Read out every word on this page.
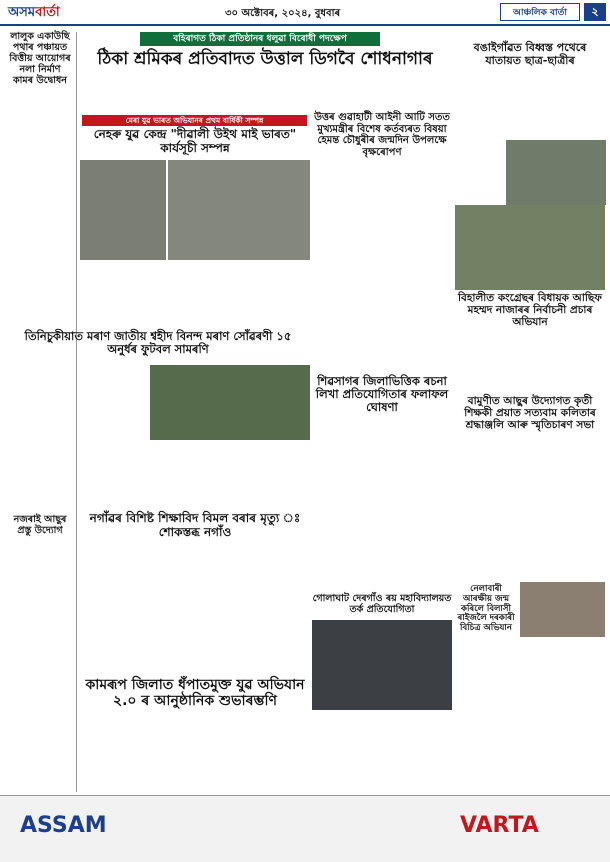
অসমবাৰ্তা	৩০ অক্টোবৰ, ২০২৪, বুধবাৰ	আঞ্চলিক বাৰ্তা	২
লালুক একাউছি পথাৰ পঞ্চায়ত বিত্তীয় আয়োগৰ নলা নিৰ্মাণ কামৰ উদ্বোধন
বহিৰাগত ঠিকা প্ৰতিষ্ঠানৰ ধলুৱা বিৰোধী পদক্ষেপ
ঠিকা শ্ৰমিকৰ প্ৰতিবাদত উত্তাল ডিগবৈ শোধনাগাৰ
বঙাইগাঁৱত বিধ্বস্ত পথেৰে যাতায়ত ছাত্ৰ-ছাত্ৰীৰ
মেৰা যুৱ ভাৰত অভিযানৰ প্ৰথম বাৰ্ষিকী সম্পন্ন
নেহৰু যুৱ কেন্দ্ৰ "দীৱালী উইথ মাই ভাৰত" কাৰ্যসূচী সম্পন্ন
উত্তৰ গুৱাহাটী আইনী আটি সতত মুখ্যমন্ত্ৰীৰ বিশেষ কৰ্তব্যৰত বিষয়া হেমন্ত চৌধুৰীৰ জন্মদিন উপলক্ষে বৃক্ষৰোপণ
বিহালীত কংগ্ৰেছৰ বিধায়ক আছিফ মহম্মদ নাজাৰৰ নিৰ্বাচনী প্ৰচাৰ অভিযান
তিনিচুকীয়াত মৰাণ জাতীয় শ্বহীদ বিনন্দ মৰাণ সোঁৱৰণী ১৫ অনুৰ্ধৰ ফুটবল সামৰণি
শিৱসাগৰ জিলাভিত্তিক ৰচনা লিখা প্ৰতিযোগিতাৰ ফলাফল ঘোষণা	বামুণীত আছুৰ উদ্যোগত কৃতী শিক্ষকী প্ৰয়াত সত্যবাম কলিতাৰ শ্ৰদ্ধাঞ্জলি আৰু স্মৃতিচাৰণ সভা
নজৰাই আছুৰ প্ৰস্তু উদ্যোগ
নগাঁৱৰ বিশিষ্ট শিক্ষাবিদ বিমল বৰাৰ মৃত্যু ঃ শোকস্তব্ধ নগাঁও
নেলাবাৰী আৰক্ষীয় জন্ম কৰিলে বিলাসী ৰাইজলৈ দৰকাৰী বিচিত্ৰ অভিযান
গোলাঘাট দেৰগাঁও ৰয় মহাবিদ্যালয়ত তৰ্ক প্ৰতিযোগিতা
কামৰূপ জিলাত ধঁপাতমুক্ত যুৱ অভিযান ২.০ ৰ আনুষ্ঠানিক শুভাৰম্ভণি
ASSAM	VARTA
